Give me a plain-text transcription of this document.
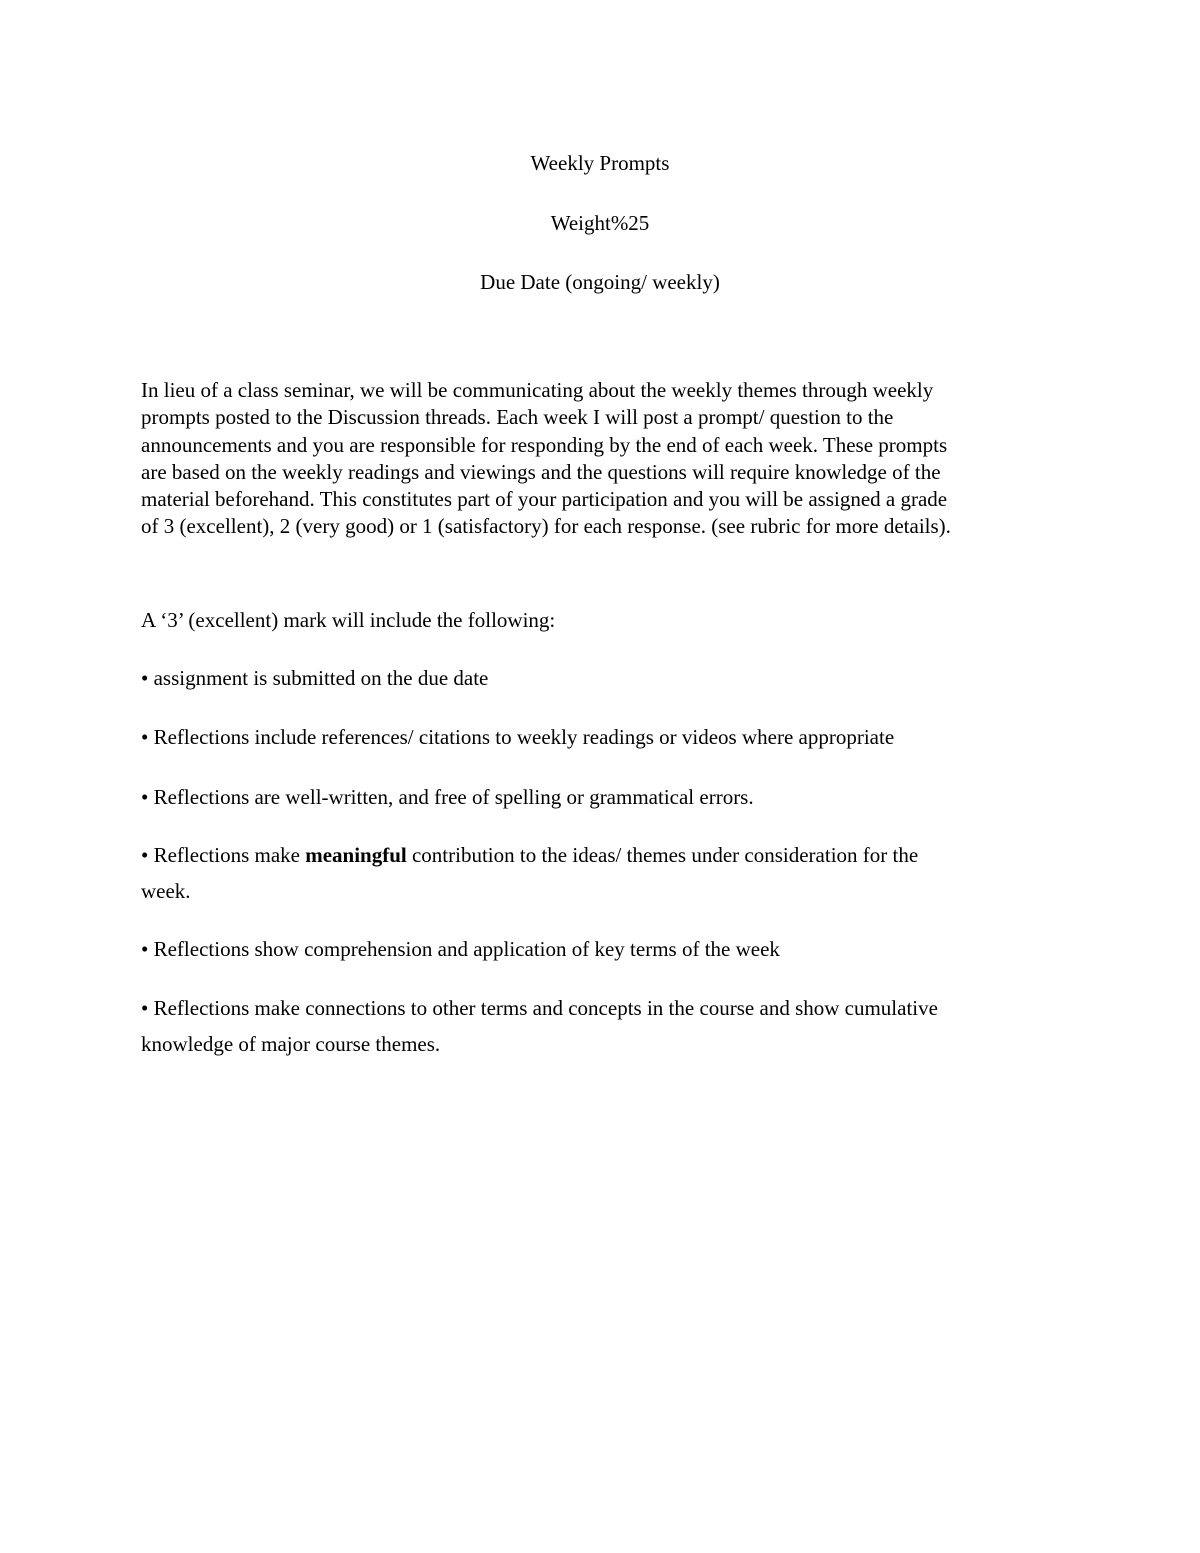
Weekly Prompts
Weight%25
Due Date (ongoing/ weekly)
In lieu of a class seminar, we will be communicating about the weekly themes through weekly
prompts posted to the Discussion threads. Each week I will post a prompt/ question to the
announcements and you are responsible for responding by the end of each week. These prompts
are based on the weekly readings and viewings and the questions will require knowledge of the
material beforehand. This constitutes part of your participation and you will be assigned a grade
of 3 (excellent), 2 (very good) or 1 (satisfactory) for each response. (see rubric for more details).
A ‘3’ (excellent) mark will include the following:
• assignment is submitted on the due date
• Reflections include references/ citations to weekly readings or videos where appropriate
• Reflections are well-written, and free of spelling or grammatical errors.
• Reflections make meaningful contribution to the ideas/ themes under consideration for the
week.
• Reflections show comprehension and application of key terms of the week
• Reflections make connections to other terms and concepts in the course and show cumulative
knowledge of major course themes.
